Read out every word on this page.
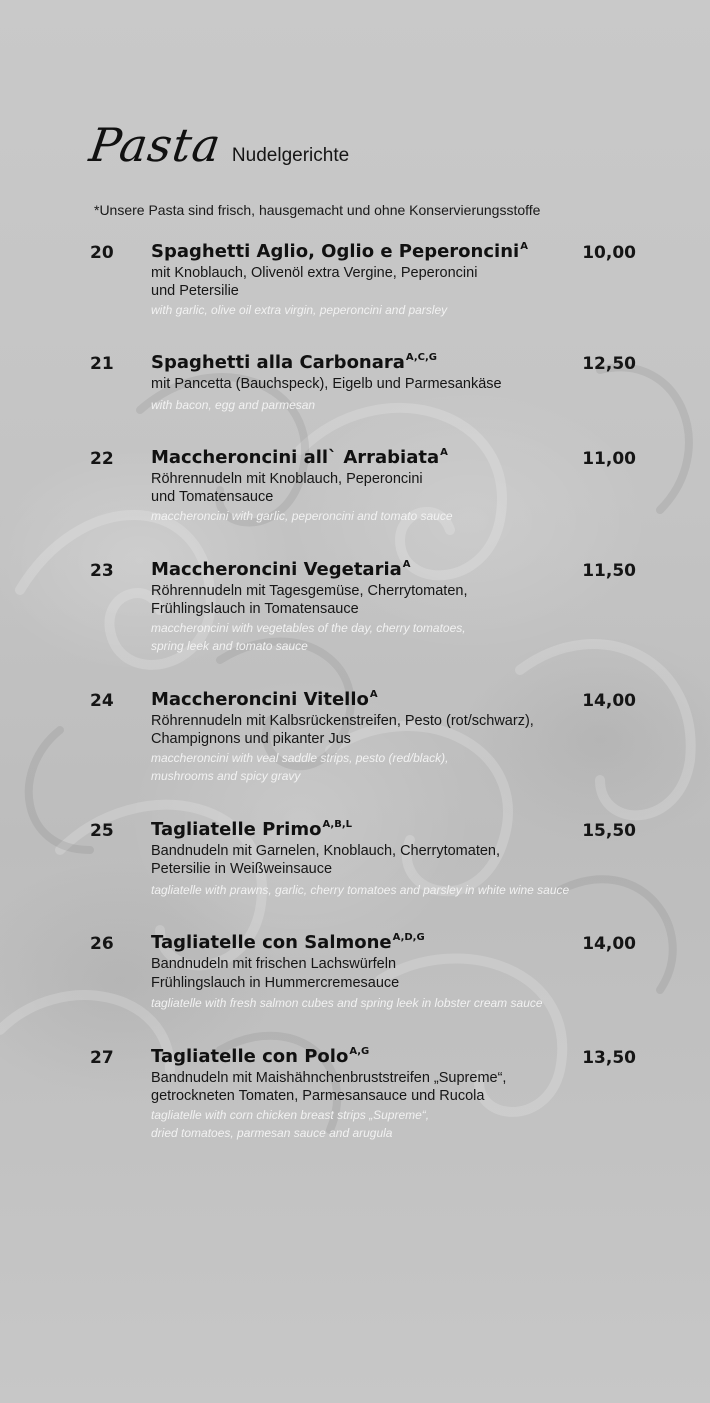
Pasta Nudelgerichte
*Unsere Pasta sind frisch, hausgemacht und ohne Konservierungsstoffe
20 Spaghetti Aglio, Oglio e Peperoncini$^A$	10,00
mit Knoblauch, Olivenöl extra Vergine, Peperoncini
und Petersilie
with garlic, olive oil extra virgin, peperoncini and parsley
21 Spaghetti alla Carbonara$^{A,C,G}$	12,50
mit Pancetta (Bauchspeck), Eigelb und Parmesankäse
with bacon, egg and parmesan
22 Maccheroncini all` Arrabiata$^A$	11,00
Röhrennudeln mit Knoblauch, Peperoncini
und Tomatensauce
maccheroncini with garlic, peperoncini and tomato sauce
23 Maccheroncini Vegetaria$^A$	11,50
Röhrennudeln mit Tagesgemüse, Cherrytomaten,
Frühlingslauch in Tomatensauce
maccheroncini with vegetables of the day, cherry tomatoes,
spring leek and tomato sauce
24 Maccheroncini Vitello$^A$	14,00
Röhrennudeln mit Kalbsrückenstreifen, Pesto (rot/schwarz),
Champignons und pikanter Jus
maccheroncini with veal saddle strips, pesto (red/black),
mushrooms and spicy gravy
25 Tagliatelle Primo$^{A,B,L}$	15,50
Bandnudeln mit Garnelen, Knoblauch, Cherrytomaten,
Petersilie in Weißweinsauce
tagliatelle with prawns, garlic, cherry tomatoes and parsley in white wine sauce
26 Tagliatelle con Salmone$^{A,D,G}$	14,00
Bandnudeln mit frischen Lachswürfeln
Frühlingslauch in Hummercremesauce
tagliatelle with fresh salmon cubes and spring leek in lobster cream sauce
27 Tagliatelle con Polo$^{A,G}$	13,50
Bandnudeln mit Maishähnchenbruststreifen „Supreme“,
getrockneten Tomaten, Parmesansauce und Rucola
tagliatelle with corn chicken breast strips „Supreme“,
dried tomatoes, parmesan sauce and arugula
